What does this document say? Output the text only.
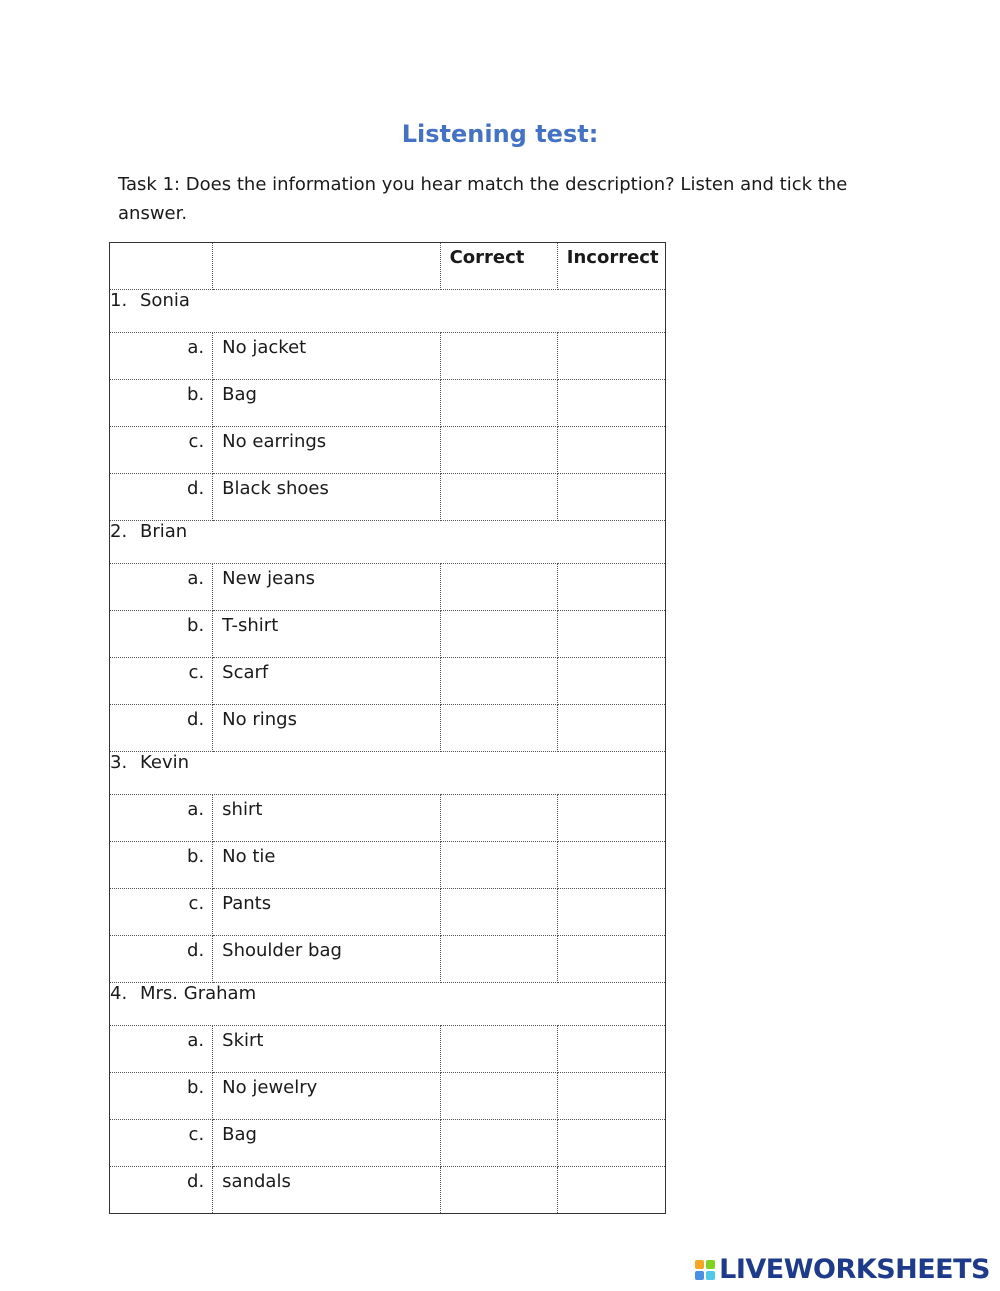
Listening test:
Task 1: Does the information you hear match the description? Listen and tick the answer.
		Correct	Incorrect
1. Sonia			
a.	No jacket		
b.	Bag		
c.	No earrings		
d.	Black shoes		
2. Brian			
a.	New jeans		
b.	T-shirt		
c.	Scarf		
d.	No rings		
3. Kevin			
a.	shirt		
b.	No tie		
c.	Pants		
d.	Shoulder bag		
4. Mrs. Graham			
a.	Skirt		
b.	No jewelry		
c.	Bag		
d.	sandals		
LIVEWORKSHEETS
